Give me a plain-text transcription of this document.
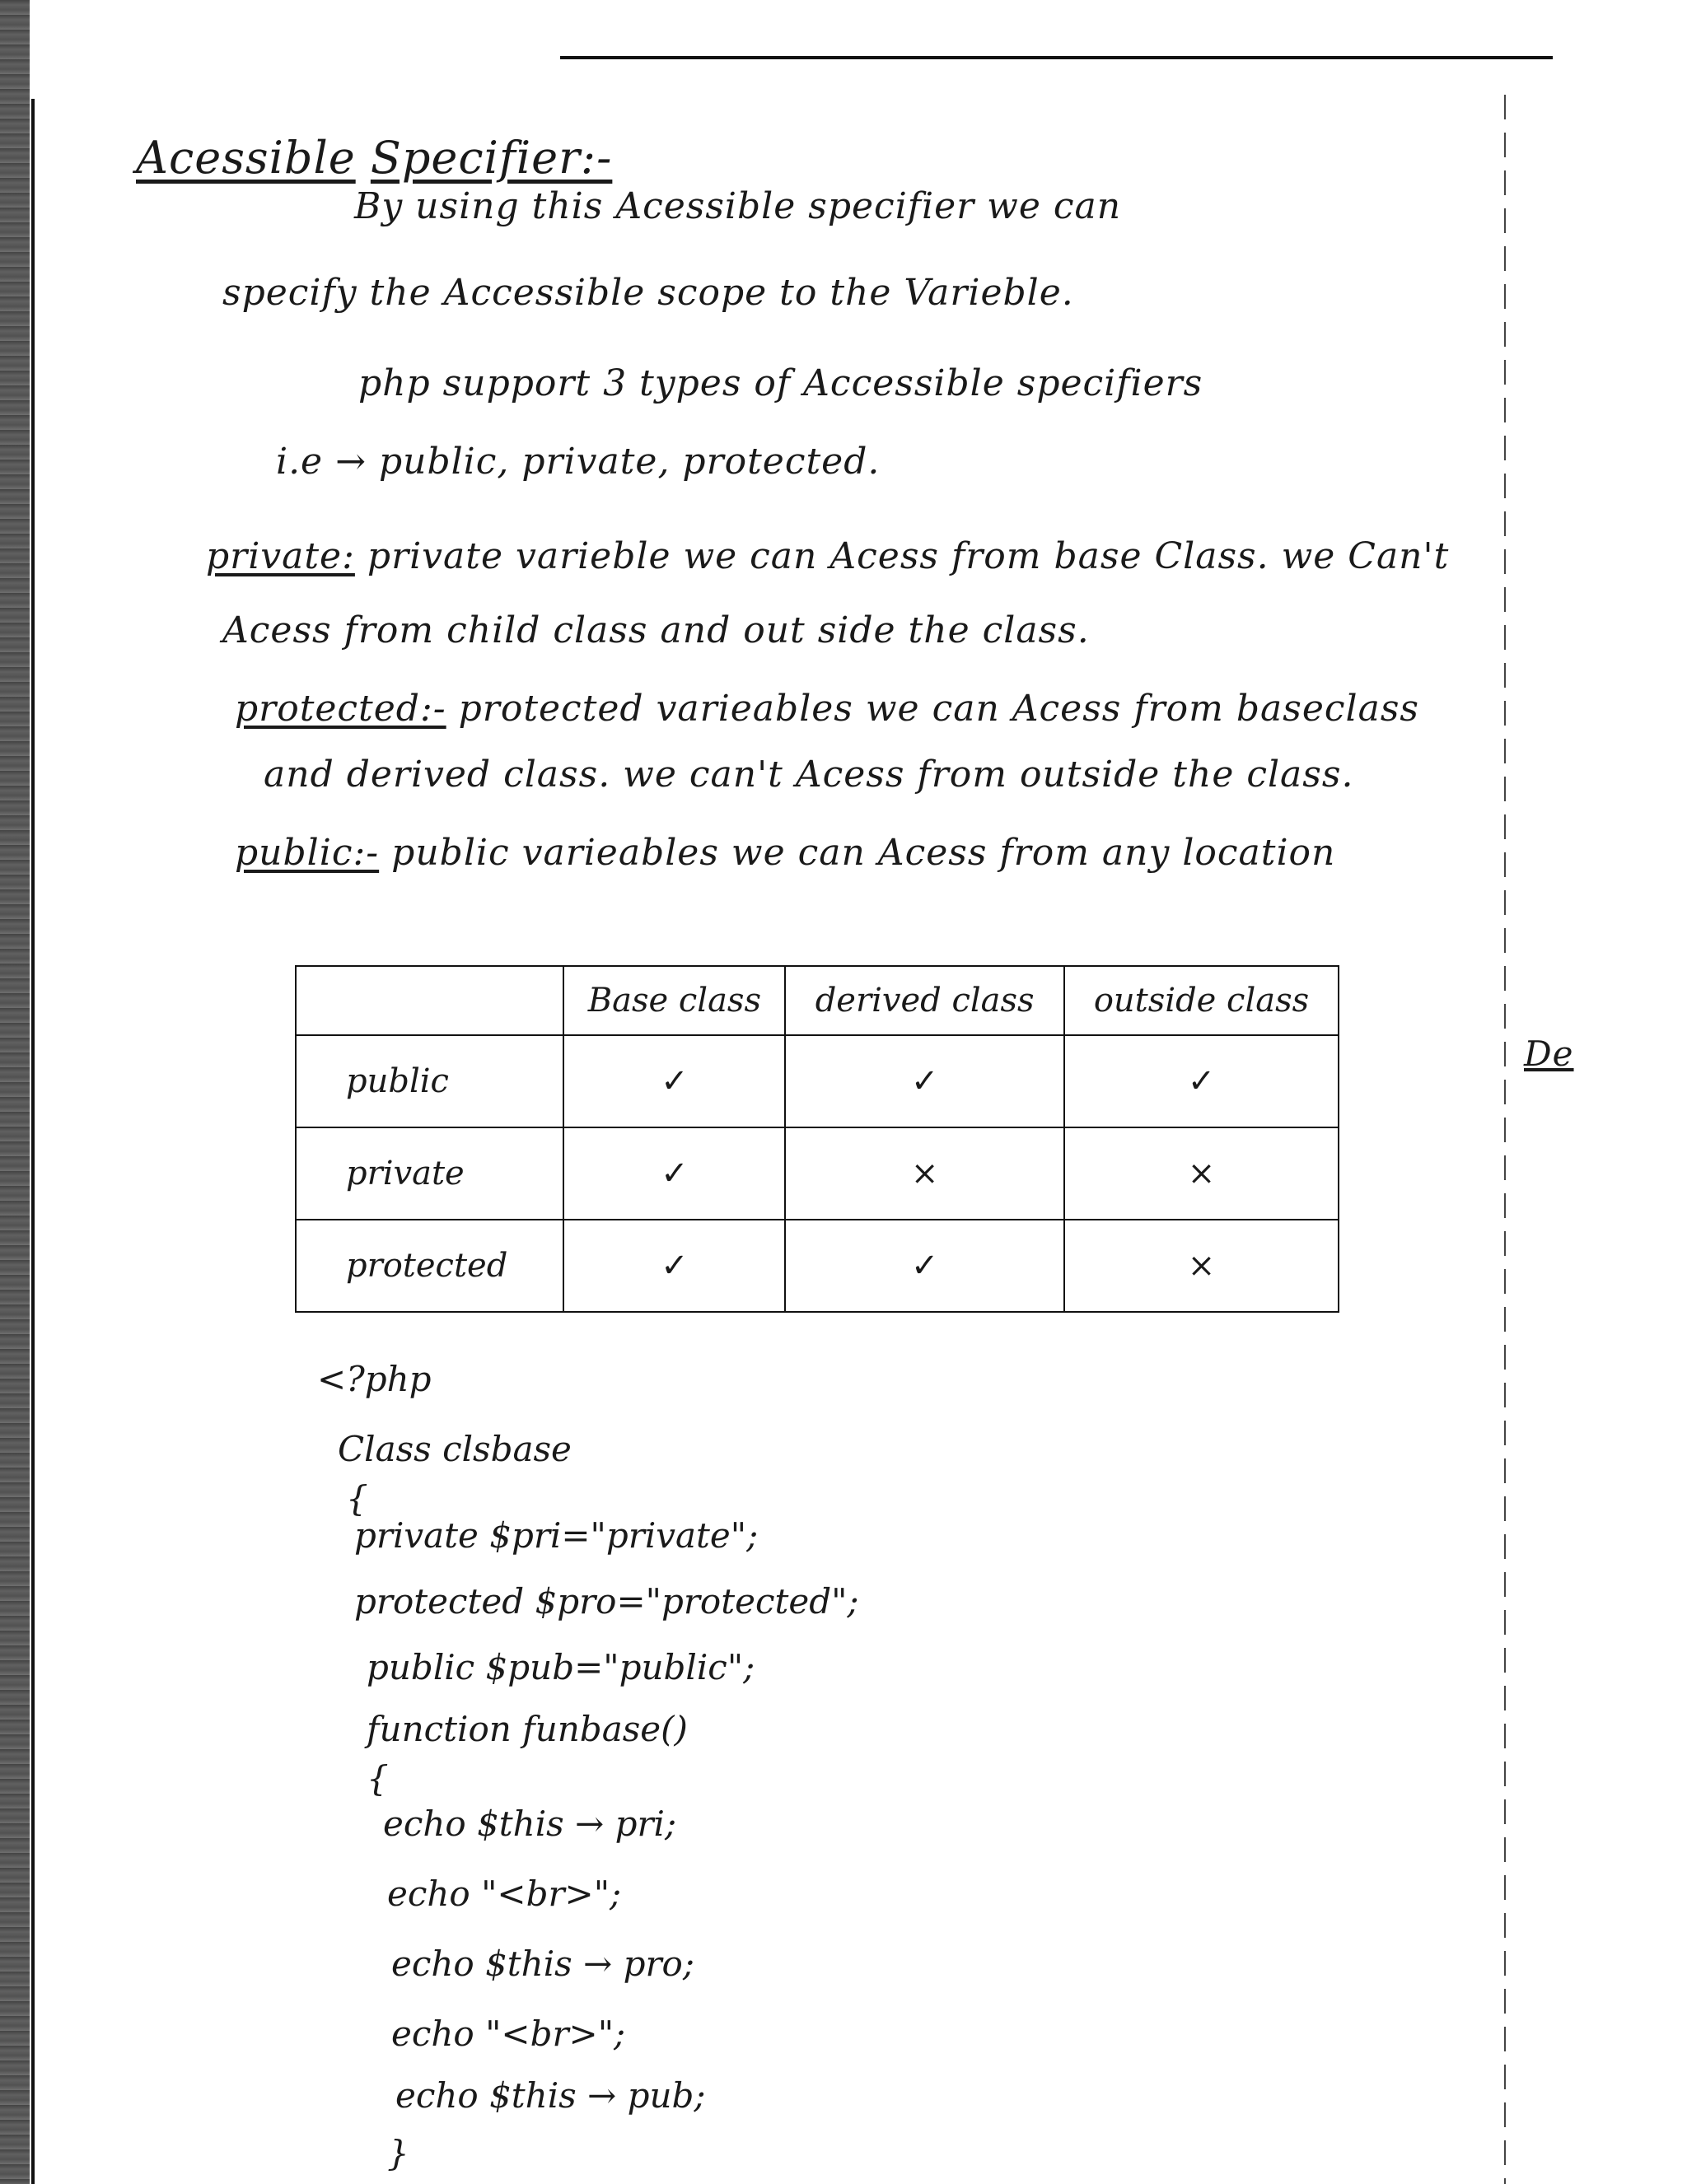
Acessible Specifier:-
By using this Acessible specifier we can
specify the Accessible scope to the Varieble.
php support 3 types of Accessible specifiers
i.e → public, private, protected.
private: private varieble we can Acess from base Class. we Can't
Acess from child class and out side the class.
protected:- protected varieables we can Acess from baseclass
and derived class. we can't Acess from outside the class.
public:- public varieables we can Acess from any location
De
	Base class	derived class	outside class
public	✓	✓	✓
private	✓	×	×
protected	✓	✓	×
<?php
Class clsbase
{
private $pri="private";
protected $pro="protected";
public $pub="public";
function funbase()
{
echo $this → pri;
echo "<br>";
echo $this → pro;
echo "<br>";
echo $this → pub;
}
